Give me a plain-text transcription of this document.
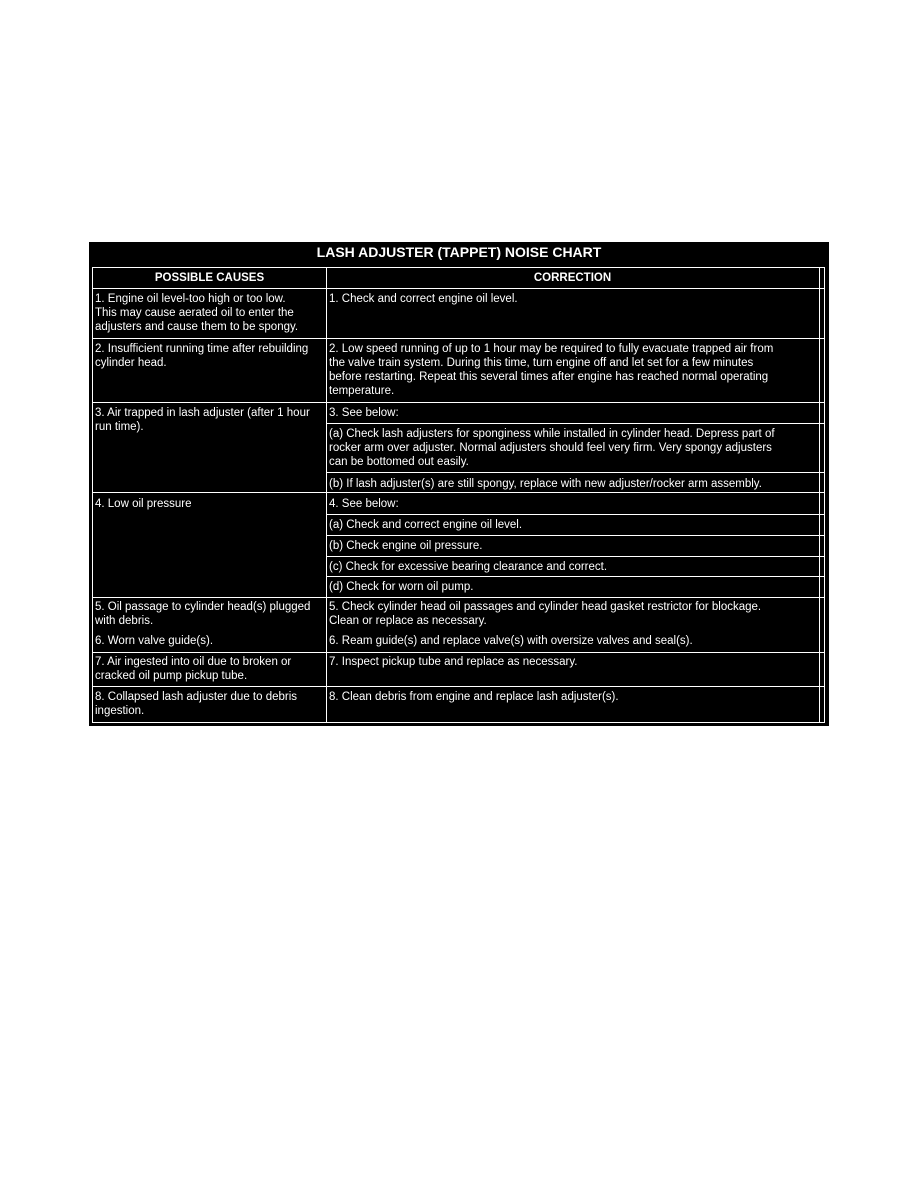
LASH ADJUSTER (TAPPET) NOISE CHART
POSSIBLE CAUSES	CORRECTION
1. Engine oil level-too high or too low.
This may cause aerated oil to enter the
adjusters and cause them to be spongy.
2. Insufficient running time after rebuilding
cylinder head.
3. Air trapped in lash adjuster (after 1 hour
run time).
4. Low oil pressure
5. Oil passage to cylinder head(s) plugged
with debris.
6. Worn valve guide(s).
7. Air ingested into oil due to broken or
cracked oil pump pickup tube.
8. Collapsed lash adjuster due to debris
ingestion.
1. Check and correct engine oil level.
2. Low speed running of up to 1 hour may be required to fully evacuate trapped air from
the valve train system. During this time, turn engine off and let set for a few minutes
before restarting. Repeat this several times after engine has reached normal operating
temperature.
3. See below:
(a) Check lash adjusters for sponginess while installed in cylinder head. Depress part of
rocker arm over adjuster. Normal adjusters should feel very firm. Very spongy adjusters
can be bottomed out easily.
(b) If lash adjuster(s) are still spongy, replace with new adjuster/rocker arm assembly.
4. See below:
(a) Check and correct engine oil level.
(b) Check engine oil pressure.
(c) Check for excessive bearing clearance and correct.
(d) Check for worn oil pump.
5. Check cylinder head oil passages and cylinder head gasket restrictor for blockage.
Clean or replace as necessary.
6. Ream guide(s) and replace valve(s) with oversize valves and seal(s).
7. Inspect pickup tube and replace as necessary.
8. Clean debris from engine and replace lash adjuster(s).
